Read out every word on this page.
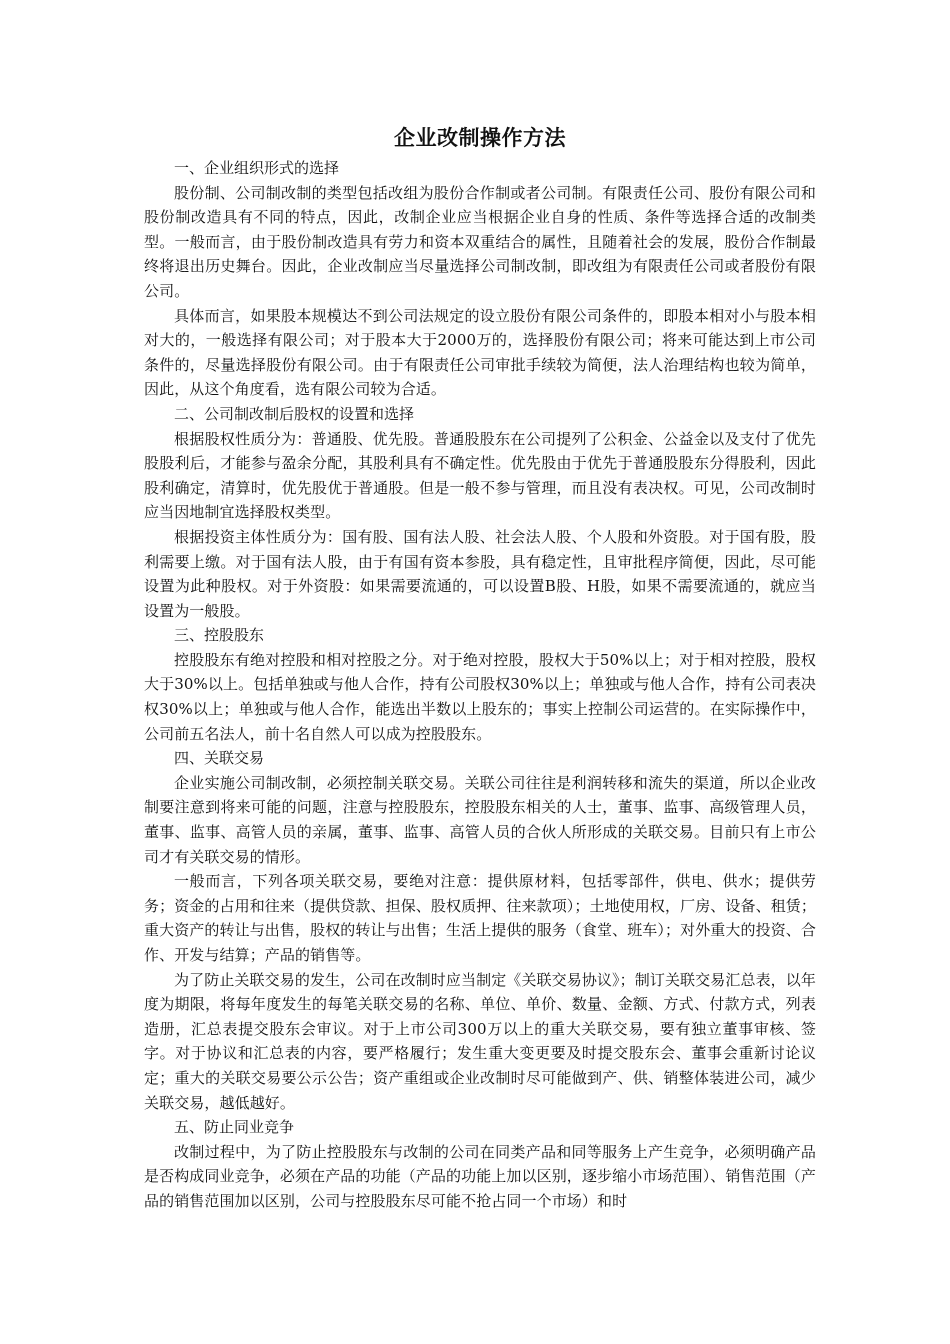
企业改制操作方法

一、企业组织形式的选择

股份制、公司制改制的类型包括改组为股份合作制或者公司制。有限责任公司、股份有限公司和股份制改造具有不同的特点，因此，改制企业应当根据企业自身的性质、条件等选择合适的改制类型。一般而言，由于股份制改造具有劳力和资本双重结合的属性，且随着社会的发展，股份合作制最终将退出历史舞台。因此，企业改制应当尽量选择公司制改制，即改组为有限责任公司或者股份有限公司。

具体而言，如果股本规模达不到公司法规定的设立股份有限公司条件的，即股本相对小与股本相对大的，一般选择有限公司；对于股本大于2000万的，选择股份有限公司；将来可能达到上市公司条件的，尽量选择股份有限公司。由于有限责任公司审批手续较为简便，法人治理结构也较为简单，因此，从这个角度看，选有限公司较为合适。

二、公司制改制后股权的设置和选择

根据股权性质分为：普通股、优先股。普通股股东在公司提列了公积金、公益金以及支付了优先股股利后，才能参与盈余分配，其股利具有不确定性。优先股由于优先于普通股股东分得股利，因此股利确定，清算时，优先股优于普通股。但是一般不参与管理，而且没有表决权。可见，公司改制时应当因地制宜选择股权类型。

根据投资主体性质分为：国有股、国有法人股、社会法人股、个人股和外资股。对于国有股，股利需要上缴。对于国有法人股，由于有国有资本参股，具有稳定性，且审批程序简便，因此，尽可能设置为此种股权。对于外资股：如果需要流通的，可以设置B股、H股，如果不需要流通的，就应当设置为一般股。

三、控股股东

控股股东有绝对控股和相对控股之分。对于绝对控股，股权大于50%以上；对于相对控股，股权大于30%以上。包括单独或与他人合作，持有公司股权30%以上；单独或与他人合作，持有公司表决权30%以上；单独或与他人合作，能选出半数以上股东的；事实上控制公司运营的。在实际操作中，公司前五名法人，前十名自然人可以成为控股股东。

四、关联交易

企业实施公司制改制，必须控制关联交易。关联公司往往是利润转移和流失的渠道，所以企业改制要注意到将来可能的问题，注意与控股股东，控股股东相关的人士，董事、监事、高级管理人员，董事、监事、高管人员的亲属，董事、监事、高管人员的合伙人所形成的关联交易。目前只有上市公司才有关联交易的情形。

一般而言，下列各项关联交易，要绝对注意：提供原材料，包括零部件，供电、供水；提供劳务；资金的占用和往来（提供贷款、担保、股权质押、往来款项）；土地使用权，厂房、设备、租赁；重大资产的转让与出售，股权的转让与出售；生活上提供的服务（食堂、班车）；对外重大的投资、合作、开发与结算；产品的销售等。

为了防止关联交易的发生，公司在改制时应当制定《关联交易协议》；制订关联交易汇总表，以年度为期限，将每年度发生的每笔关联交易的名称、单位、单价、数量、金额、方式、付款方式，列表造册，汇总表提交股东会审议。对于上市公司300万以上的重大关联交易，要有独立董事审核、签字。对于协议和汇总表的内容，要严格履行；发生重大变更要及时提交股东会、董事会重新讨论议定；重大的关联交易要公示公告；资产重组或企业改制时尽可能做到产、供、销整体装进公司，减少关联交易，越低越好。

五、防止同业竞争

改制过程中，为了防止控股股东与改制的公司在同类产品和同等服务上产生竞争，必须明确产品是否构成同业竞争，必须在产品的功能（产品的功能上加以区别，逐步缩小市场范围）、销售范围（产品的销售范围加以区别，公司与控股股东尽可能不抢占同一个市场）和时
